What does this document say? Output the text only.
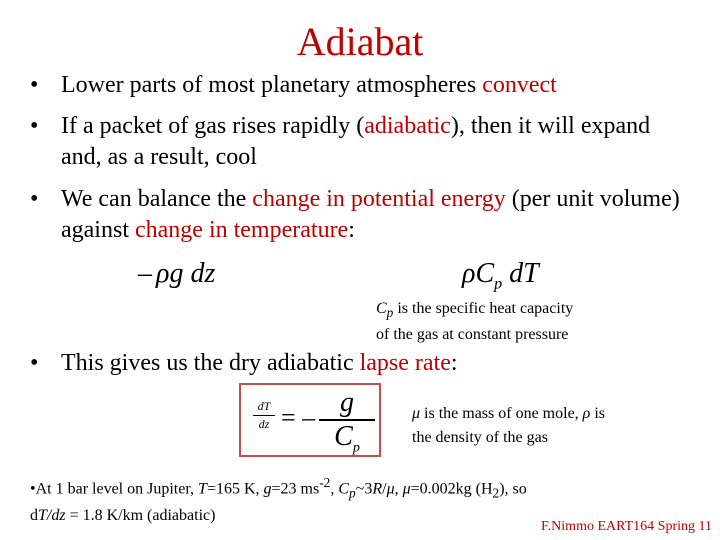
Adiabat
• Lower parts of most planetary atmospheres convect
• If a packet of gas rises rapidly (adiabatic), then it will expand and, as a result, cool
• We can balance the change in potential energy (per unit volume) against change in temperature:
– ρg dz	$\rho C_p$ dT
$C_p$ is the specific heat capacity
of the gas at constant pressure
• This gives us the dry adiabatic lapse rate:
dT
dz = – g
$C_p$
μ is the mass of one mole, ρ is
the density of the gas
•At 1 bar level on Jupiter, T=165 K, g=23 $ms^{-2}$, $C_p\sim 3R/\mu$, μ=0.002kg $(H_2)$, so
dT/dz = 1.8 K/km (adiabatic)
F.Nimmo EART164 Spring 11
